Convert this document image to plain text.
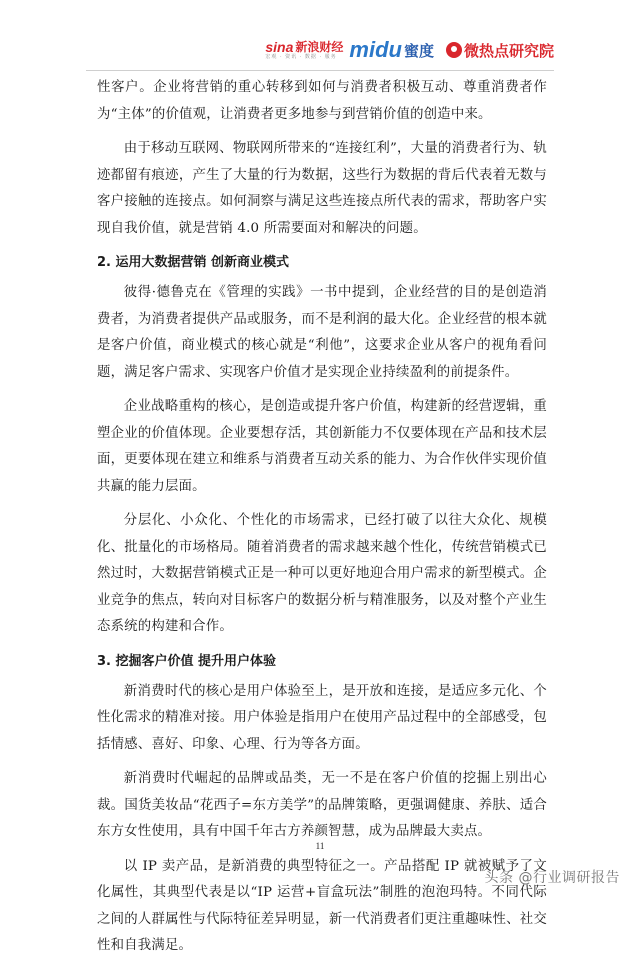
sina 新浪财经
宏观 · 资讯 · 数据 · 服务 midu 蜜度 微热点研究院

性客户。企业将营销的重心转移到如何与消费者积极互动、尊重消费者作为“主体”的价值观，让消费者更多地参与到营销价值的创造中来。

由于移动互联网、物联网所带来的“连接红利”，大量的消费者行为、轨迹都留有痕迹，产生了大量的行为数据，这些行为数据的背后代表着无数与客户接触的连接点。如何洞察与满足这些连接点所代表的需求，帮助客户实现自我价值，就是营销 4.0 所需要面对和解决的问题。

2. 运用大数据营销 创新商业模式

彼得·德鲁克在《管理的实践》一书中提到，企业经营的目的是创造消费者，为消费者提供产品或服务，而不是利润的最大化。企业经营的根本就是客户价值，商业模式的核心就是“利他”，这要求企业从客户的视角看问题，满足客户需求、实现客户价值才是实现企业持续盈利的前提条件。

企业战略重构的核心，是创造或提升客户价值，构建新的经营逻辑，重塑企业的价值体现。企业要想存活，其创新能力不仅要体现在产品和技术层面，更要体现在建立和维系与消费者互动关系的能力、为合作伙伴实现价值共赢的能力层面。

分层化、小众化、个性化的市场需求，已经打破了以往大众化、规模化、批量化的市场格局。随着消费者的需求越来越个性化，传统营销模式已然过时，大数据营销模式正是一种可以更好地迎合用户需求的新型模式。企业竞争的焦点，转向对目标客户的数据分析与精准服务，以及对整个产业生态系统的构建和合作。

3. 挖掘客户价值 提升用户体验

新消费时代的核心是用户体验至上，是开放和连接，是适应多元化、个性化需求的精准对接。用户体验是指用户在使用产品过程中的全部感受，包括情感、喜好、印象、心理、行为等各方面。

新消费时代崛起的品牌或品类，无一不是在客户价值的挖掘上别出心裁。国货美妆品“花西子=东方美学”的品牌策略，更强调健康、养肤、适合东方女性使用，具有中国千年古方养颜智慧，成为品牌最大卖点。

以 IP 卖产品，是新消费的典型特征之一。产品搭配 IP 就被赋予了文化属性，其典型代表是以“IP 运营+盲盒玩法”制胜的泡泡玛特。不同代际之间的人群属性与代际特征差异明显，新一代消费者们更注重趣味性、社交性和自我满足。

11
头条 @行业调研报告
